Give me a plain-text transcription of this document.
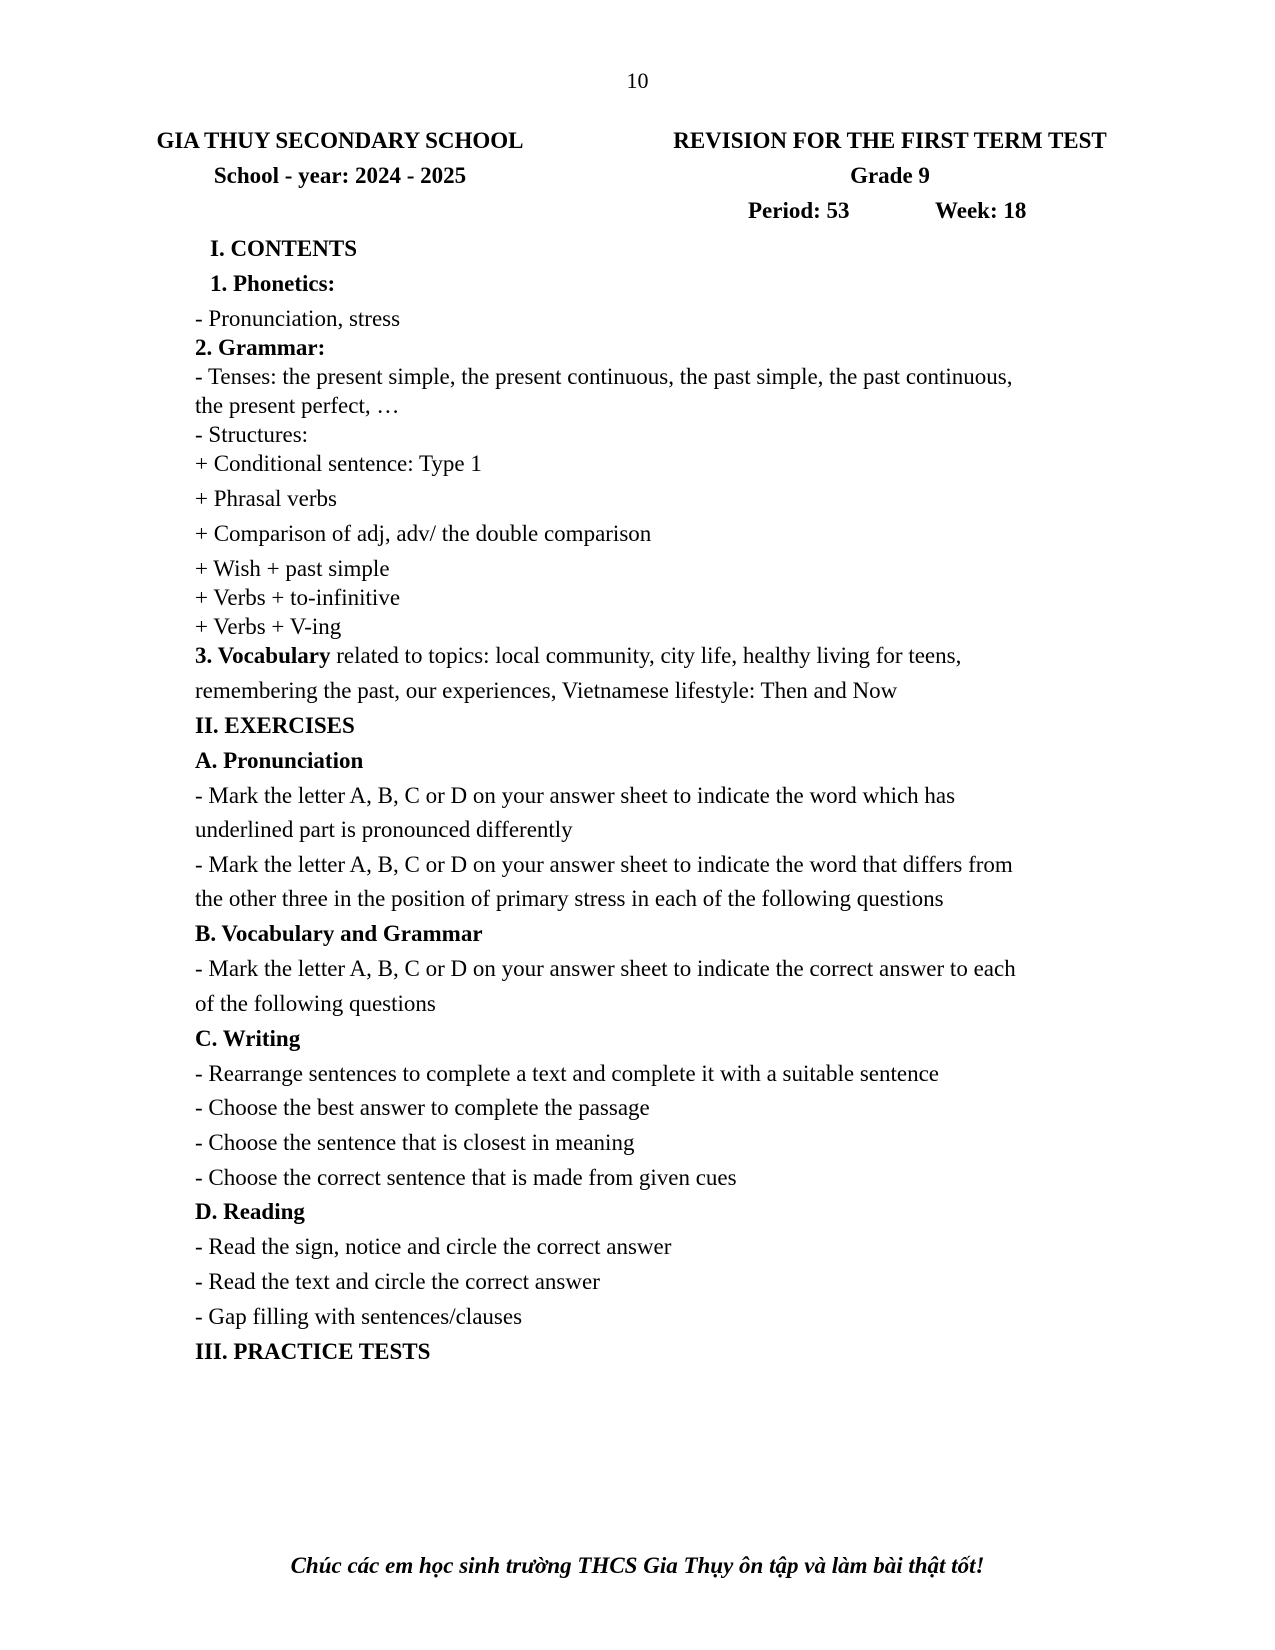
10
GIA THUY SECONDARY SCHOOL
School - year: 2024 - 2025
REVISION FOR THE FIRST TERM TEST
Grade 9
Period: 53	Week: 18
I. CONTENTS
1. Phonetics:
- Pronunciation, stress
2. Grammar:
- Tenses: the present simple, the present continuous, the past simple, the past continuous,
the present perfect, …
- Structures:
+ Conditional sentence: Type 1
+ Phrasal verbs
+ Comparison of adj, adv/ the double comparison
+ Wish + past simple
+ Verbs + to-infinitive
+ Verbs + V-ing
3. Vocabulary related to topics: local community, city life, healthy living for teens,
remembering the past, our experiences, Vietnamese lifestyle: Then and Now
II. EXERCISES
A. Pronunciation
- Mark the letter A, B, C or D on your answer sheet to indicate the word which has
underlined part is pronounced differently
- Mark the letter A, B, C or D on your answer sheet to indicate the word that differs from
the other three in the position of primary stress in each of the following questions
B. Vocabulary and Grammar
- Mark the letter A, B, C or D on your answer sheet to indicate the correct answer to each
of the following questions
C. Writing
- Rearrange sentences to complete a text and complete it with a suitable sentence
- Choose the best answer to complete the passage
- Choose the sentence that is closest in meaning
- Choose the correct sentence that is made from given cues
D. Reading
- Read the sign, notice and circle the correct answer
- Read the text and circle the correct answer
- Gap filling with sentences/clauses
III. PRACTICE TESTS
Chúc các em học sinh trường THCS Gia Thụy ôn tập và làm bài thật tốt!
